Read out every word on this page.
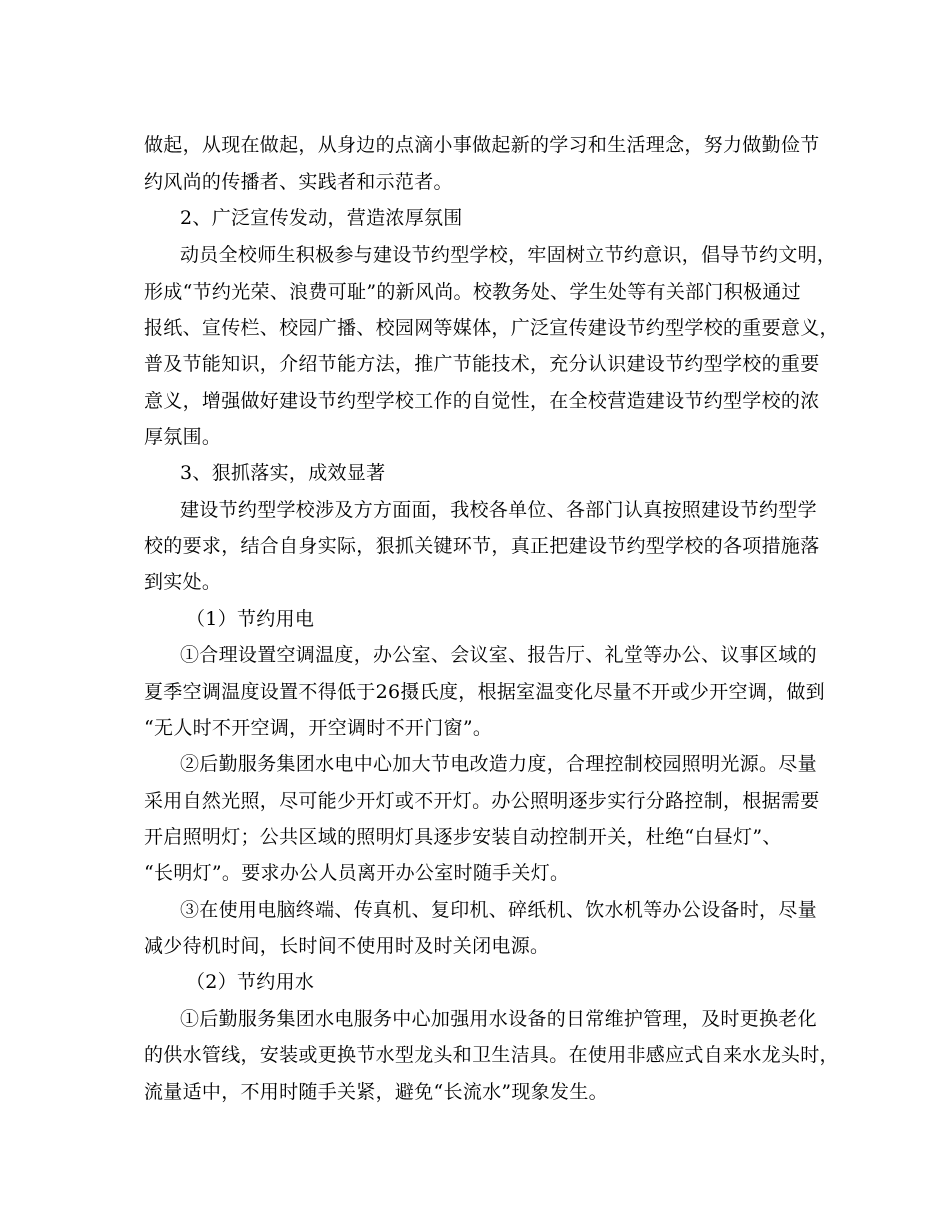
做起，从现在做起，从身边的点滴小事做起新的学习和生活理念，努力做勤俭节
约风尚的传播者、实践者和示范者。
2、广泛宣传发动，营造浓厚氛围
动员全校师生积极参与建设节约型学校，牢固树立节约意识，倡导节约文明，
形成“节约光荣、浪费可耻”的新风尚。校教务处、学生处等有关部门积极通过
报纸、宣传栏、校园广播、校园网等媒体，广泛宣传建设节约型学校的重要意义，
普及节能知识，介绍节能方法，推广节能技术，充分认识建设节约型学校的重要
意义，增强做好建设节约型学校工作的自觉性，在全校营造建设节约型学校的浓
厚氛围。
3、狠抓落实，成效显著
建设节约型学校涉及方方面面，我校各单位、各部门认真按照建设节约型学
校的要求，结合自身实际，狠抓关键环节，真正把建设节约型学校的各项措施落
到实处。
（1）节约用电
①合理设置空调温度，办公室、会议室、报告厅、礼堂等办公、议事区域的
夏季空调温度设置不得低于26摄氏度，根据室温变化尽量不开或少开空调，做到
“无人时不开空调，开空调时不开门窗”。
②后勤服务集团水电中心加大节电改造力度，合理控制校园照明光源。尽量
采用自然光照，尽可能少开灯或不开灯。办公照明逐步实行分路控制，根据需要
开启照明灯；公共区域的照明灯具逐步安装自动控制开关，杜绝“白昼灯”、
“长明灯”。要求办公人员离开办公室时随手关灯。
③在使用电脑终端、传真机、复印机、碎纸机、饮水机等办公设备时，尽量
减少待机时间，长时间不使用时及时关闭电源。
（2）节约用水
①后勤服务集团水电服务中心加强用水设备的日常维护管理，及时更换老化
的供水管线，安装或更换节水型龙头和卫生洁具。在使用非感应式自来水龙头时，
流量适中，不用时随手关紧，避免“长流水”现象发生。
